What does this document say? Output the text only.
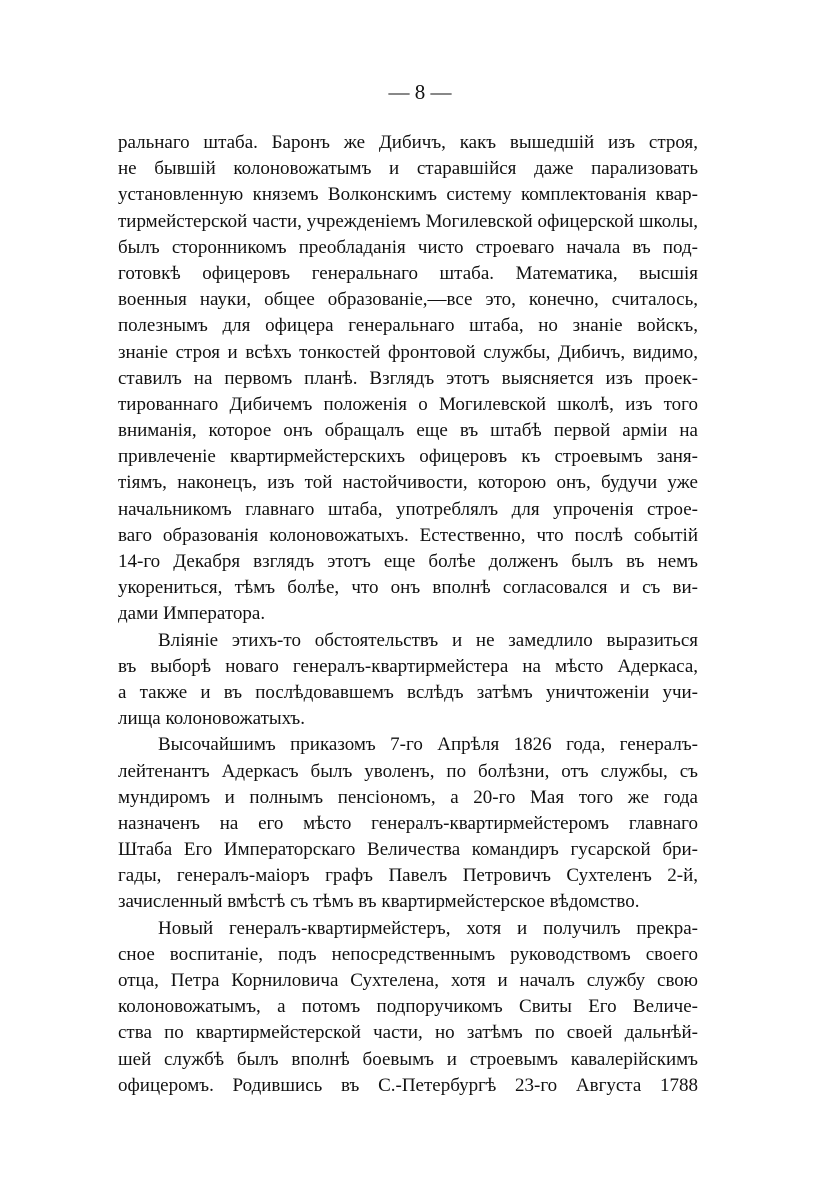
— 8 —
ральнаго штаба. Баронъ же Дибичъ, какъ вышедшій изъ строя,
не бывшій колоновожатымъ и старавшійся даже парализовать
установленную княземъ Волконскимъ систему комплектованія квар-
тирмейстерской части, учрежденіемъ Могилевской офицерской школы,
былъ сторонникомъ преобладанія чисто строеваго начала въ под-
готовкѣ офицеровъ генеральнаго штаба. Математика, высшія
военныя науки, общее образованіе,—все это, конечно, считалось,
полезнымъ для офицера генеральнаго штаба, но знаніе войскъ,
знаніе строя и всѣхъ тонкостей фронтовой службы, Дибичъ, видимо,
ставилъ на первомъ планѣ. Взглядъ этотъ выясняется изъ проек-
тированнаго Дибичемъ положенія о Могилевской школѣ, изъ того
вниманія, которое онъ обращалъ еще въ штабѣ первой арміи на
привлеченіе квартирмейстерскихъ офицеровъ къ строевымъ заня-
тіямъ, наконецъ, изъ той настойчивости, которою онъ, будучи уже
начальникомъ главнаго штаба, употреблялъ для упроченія строе-
ваго образованія колоновожатыхъ. Естественно, что послѣ событій
14-го Декабря взглядъ этотъ еще болѣе долженъ былъ въ немъ
укорениться, тѣмъ болѣе, что онъ вполнѣ согласовался и съ ви-
дами Императора.
Вліяніе этихъ-то обстоятельствъ и не замедлило выразиться
въ выборѣ новаго генералъ-квартирмейстера на мѣсто Адеркаса,
а также и въ послѣдовавшемъ вслѣдъ затѣмъ уничтоженіи учи-
лища колоновожатыхъ.
Высочайшимъ приказомъ 7-го Апрѣля 1826 года, генералъ-
лейтенантъ Адеркасъ былъ уволенъ, по болѣзни, отъ службы, съ
мундиромъ и полнымъ пенсіономъ, а 20-го Мая того же года
назначенъ на его мѣсто генералъ-квартирмейстеромъ главнаго
Штаба Его Императорскаго Величества командиръ гусарской бри-
гады, генералъ-маіоръ графъ Павелъ Петровичъ Сухтеленъ 2-й,
зачисленный вмѣстѣ съ тѣмъ въ квартирмейстерское вѣдомство.
Новый генералъ-квартирмейстеръ, хотя и получилъ прекра-
сное воспитаніе, подъ непосредственнымъ руководствомъ своего
отца, Петра Корниловича Сухтелена, хотя и началъ службу свою
колоновожатымъ, а потомъ подпоручикомъ Свиты Его Величе-
ства по квартирмейстерской части, но затѣмъ по своей дальнѣй-
шей службѣ былъ вполнѣ боевымъ и строевымъ кавалерійскимъ
офицеромъ. Родившись въ С.-Петербургѣ 23-го Августа 1788
